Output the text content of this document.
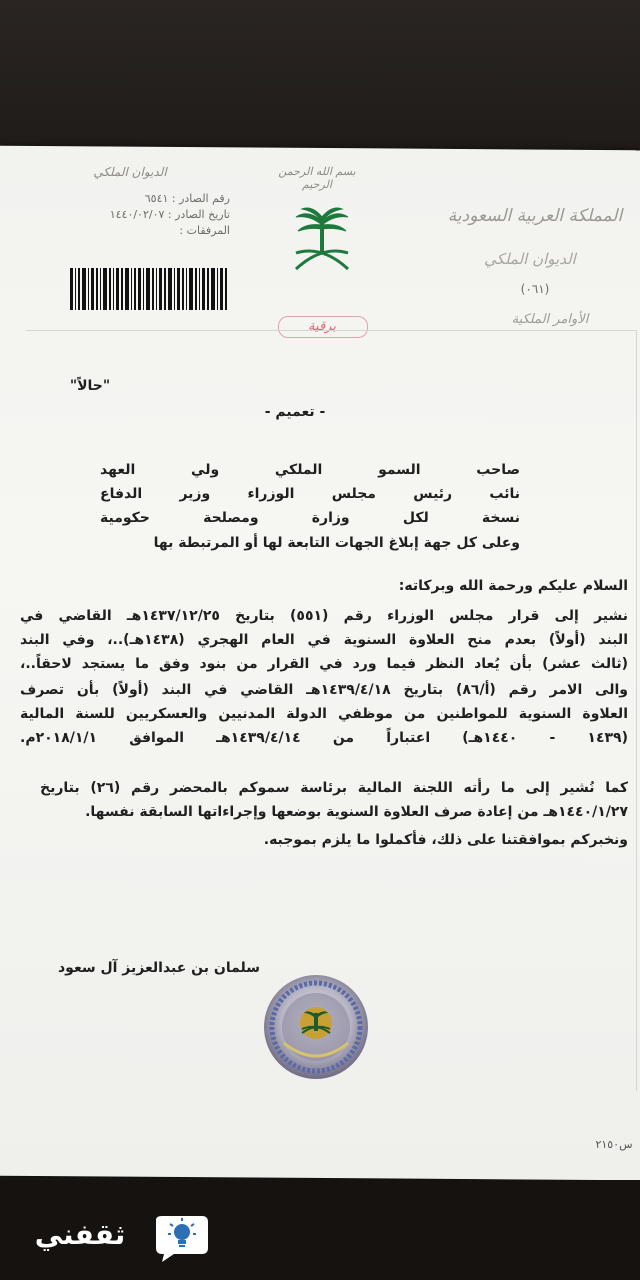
الديوان الملكي	بسم الله الرحمن الرحيم
رقم الصادر : ٦٥٤١
تاريخ الصادر : ١٤٤٠/٠٢/٠٧
المرفقات :
المملكة العربية السعودية
الديوان الملكي
(٠٦١)
الأوامر الملكية
برقية
"حالاً"
- تعميم -
صاحب السمو الملكي ولي العهد
نائب رئيس مجلس الوزراء وزير الدفاع
نسخة لكل وزارة ومصلحة حكومية
وعلى كل جهة إبلاغ الجهات التابعة لها أو المرتبطة بها
السلام عليكم ورحمة الله وبركاته:
نشير إلى قرار مجلس الوزراء رقم (٥٥١) بتاريخ ١٤٣٧/١٢/٢٥هـ القاضي في
البند (أولاً) بعدم منح العلاوة السنوية في العام الهجري (١٤٣٨هـ)..، وفي البند
(ثالث عشر) بأن يُعاد النظر فيما ورد في القرار من بنود وفق ما يستجد لاحقاً..،
والى الامر رقم (أ/٨٦) بتاريخ ١٤٣٩/٤/١٨هـ القاضي في البند (أولاً) بأن تصرف
العلاوة السنوية للمواطنين من موظفي الدولة المدنيين والعسكريين للسنة المالية
(١٤٣٩ - ١٤٤٠هـ) اعتباراً من ١٤٣٩/٤/١٤هـ الموافق ٢٠١٨/١/١م.
كما نُشير إلى ما رأته اللجنة المالية برئاسة سموكم بالمحضر رقم (٢٦) بتاريخ
١٤٤٠/١/٢٧هـ من إعادة صرف العلاوة السنوية بوضعها وإجراءاتها السابقة نفسها.
ونخبركم بموافقتنا على ذلك، فأكملوا ما يلزم بموجبه.
سلمان بن عبدالعزيز آل سعود
س٢١٥٠
ثقفني
